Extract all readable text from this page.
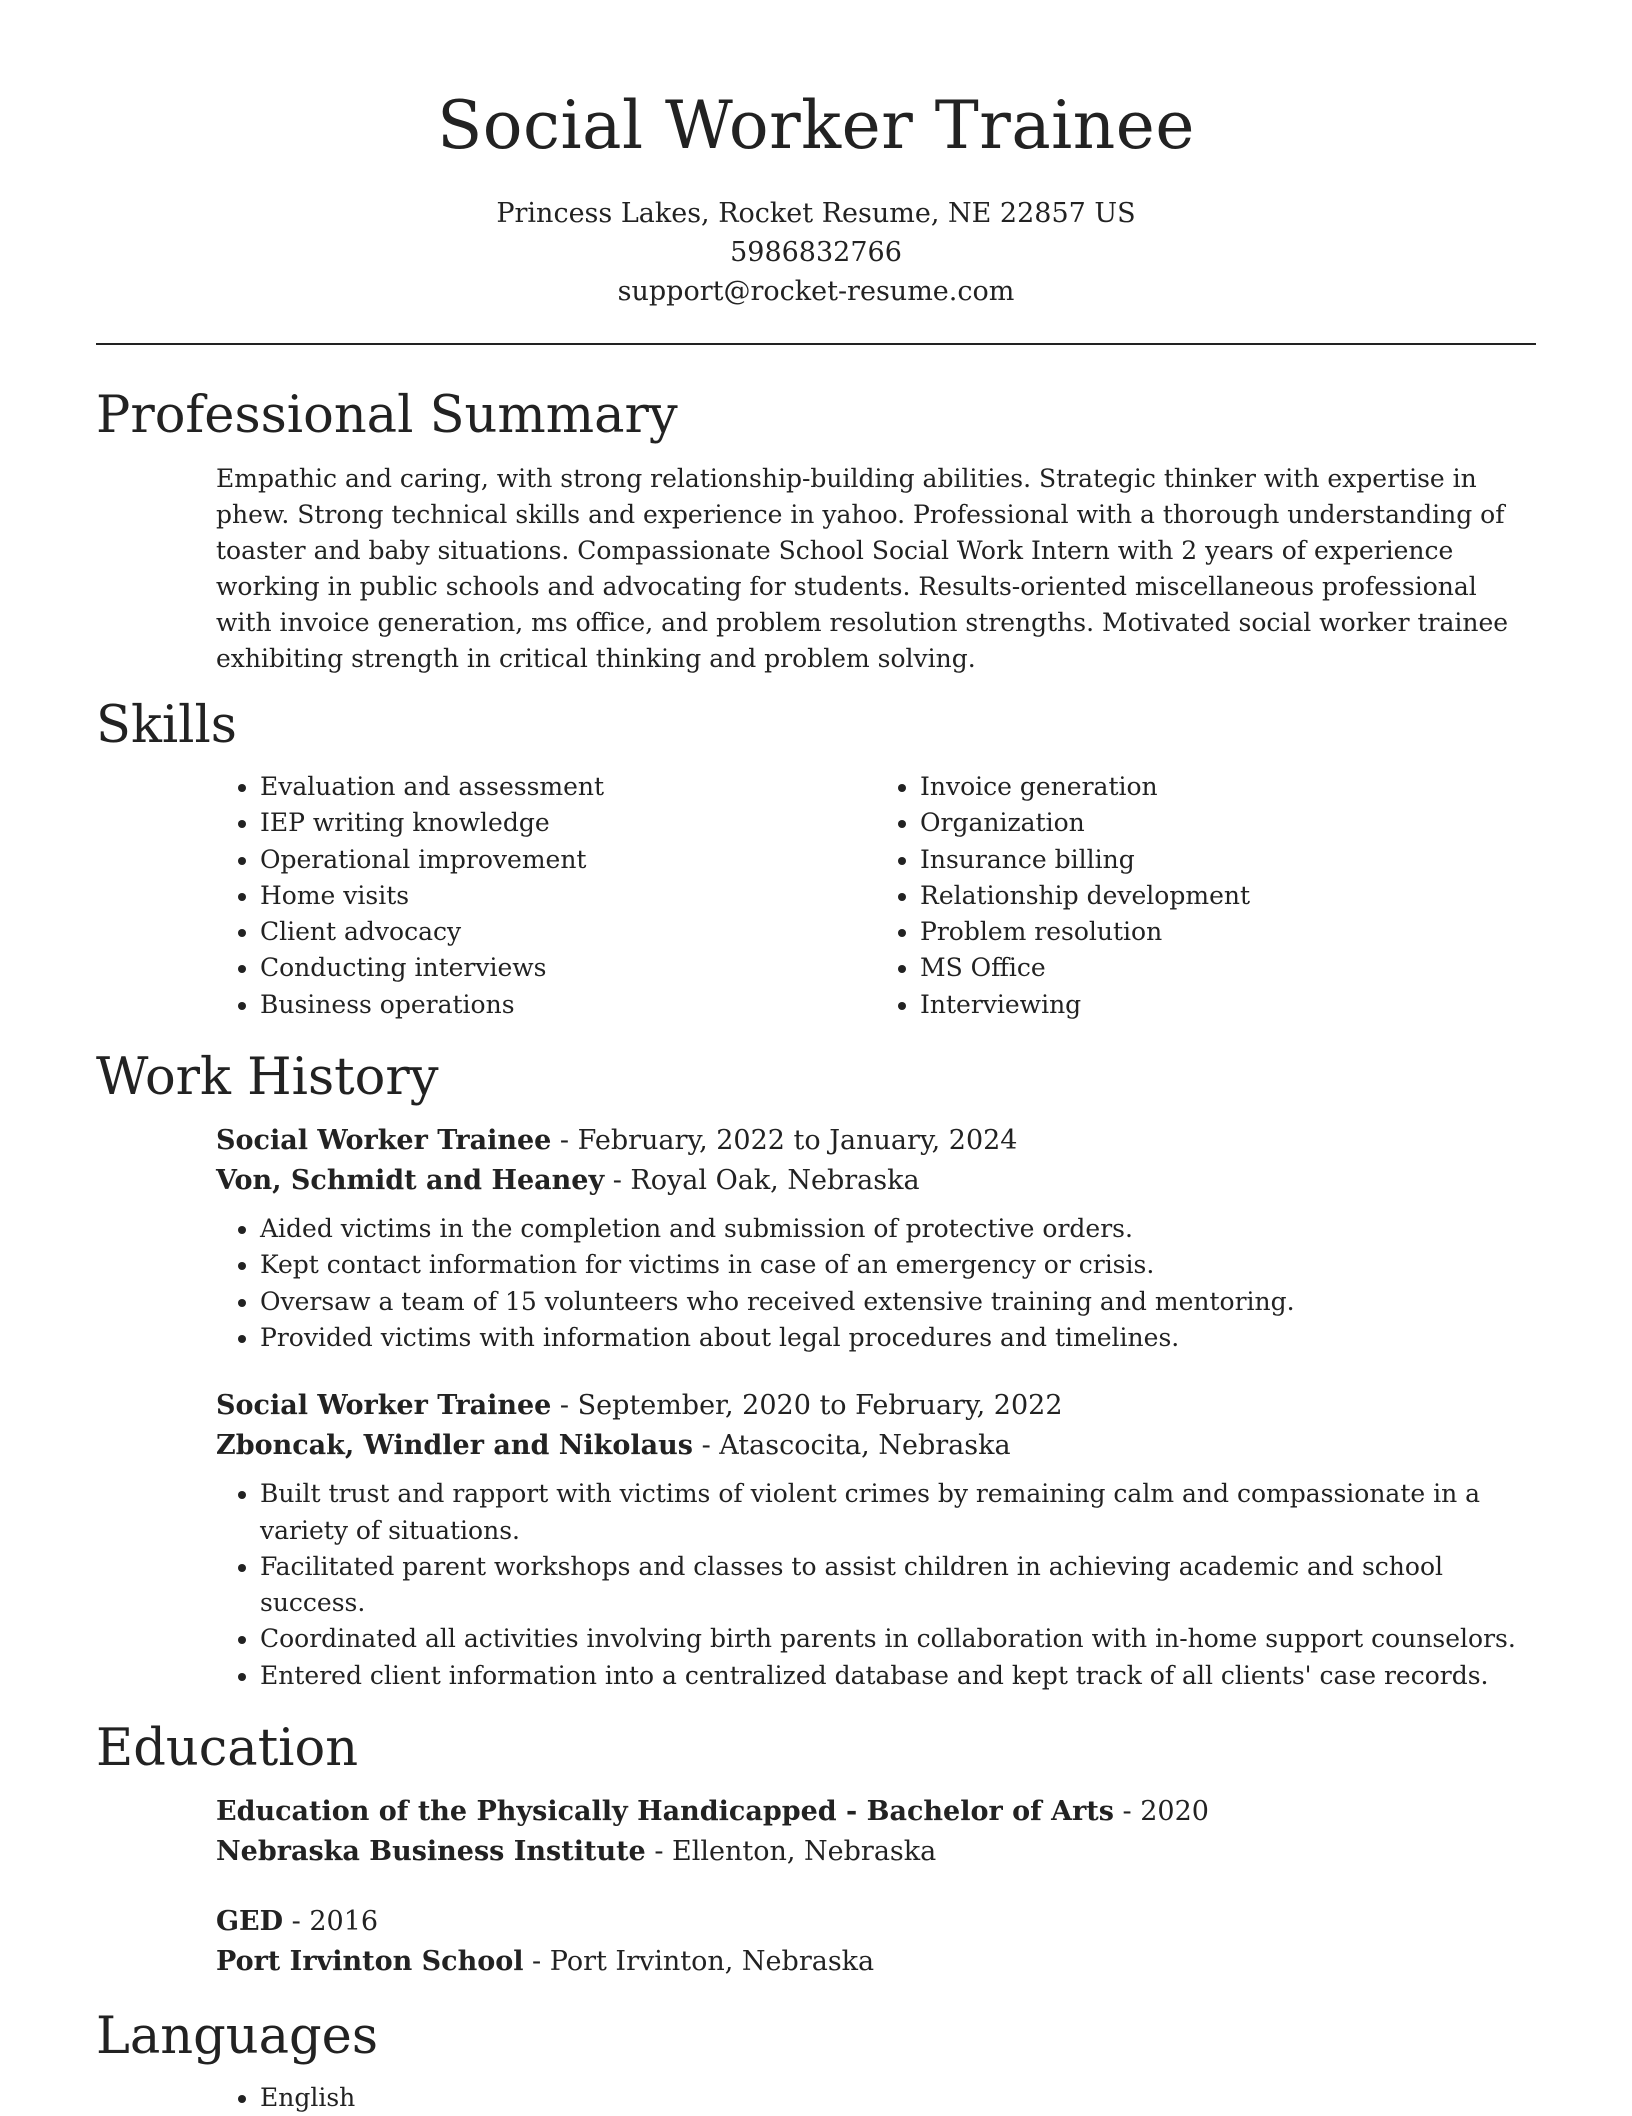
Social Worker Trainee
Princess Lakes, Rocket Resume, NE 22857 US
5986832766
support@rocket-resume.com
Professional Summary

Empathic and caring, with strong relationship-building abilities. Strategic thinker with expertise in phew. Strong technical skills and experience in yahoo. Professional with a thorough understanding of toaster and baby situations. Compassionate School Social Work Intern with 2 years of experience working in public schools and advocating for students. Results-oriented miscellaneous professional with invoice generation, ms office, and problem resolution strengths. Motivated social worker trainee exhibiting strength in critical thinking and problem solving.

Skills
• Evaluation and assessment
• IEP writing knowledge
• Operational improvement
• Home visits
• Client advocacy
• Conducting interviews
• Business operations
• Invoice generation
• Organization
• Insurance billing
• Relationship development
• Problem resolution
• MS Office
• Interviewing
Work History
Social Worker Trainee - February, 2022 to January, 2024
Von, Schmidt and Heaney - Royal Oak, Nebraska
• Aided victims in the completion and submission of protective orders.
• Kept contact information for victims in case of an emergency or crisis.
• Oversaw a team of 15 volunteers who received extensive training and mentoring.
• Provided victims with information about legal procedures and timelines.
Social Worker Trainee - September, 2020 to February, 2022
Zboncak, Windler and Nikolaus - Atascocita, Nebraska
• Built trust and rapport with victims of violent crimes by remaining calm and compassionate in a variety of situations.
• Facilitated parent workshops and classes to assist children in achieving academic and school success.
• Coordinated all activities involving birth parents in collaboration with in-home support counselors.
• Entered client information into a centralized database and kept track of all clients' case records.
Education
Education of the Physically Handicapped - Bachelor of Arts - 2020
Nebraska Business Institute - Ellenton, Nebraska
GED - 2016
Port Irvinton School - Port Irvinton, Nebraska
Languages
• English
